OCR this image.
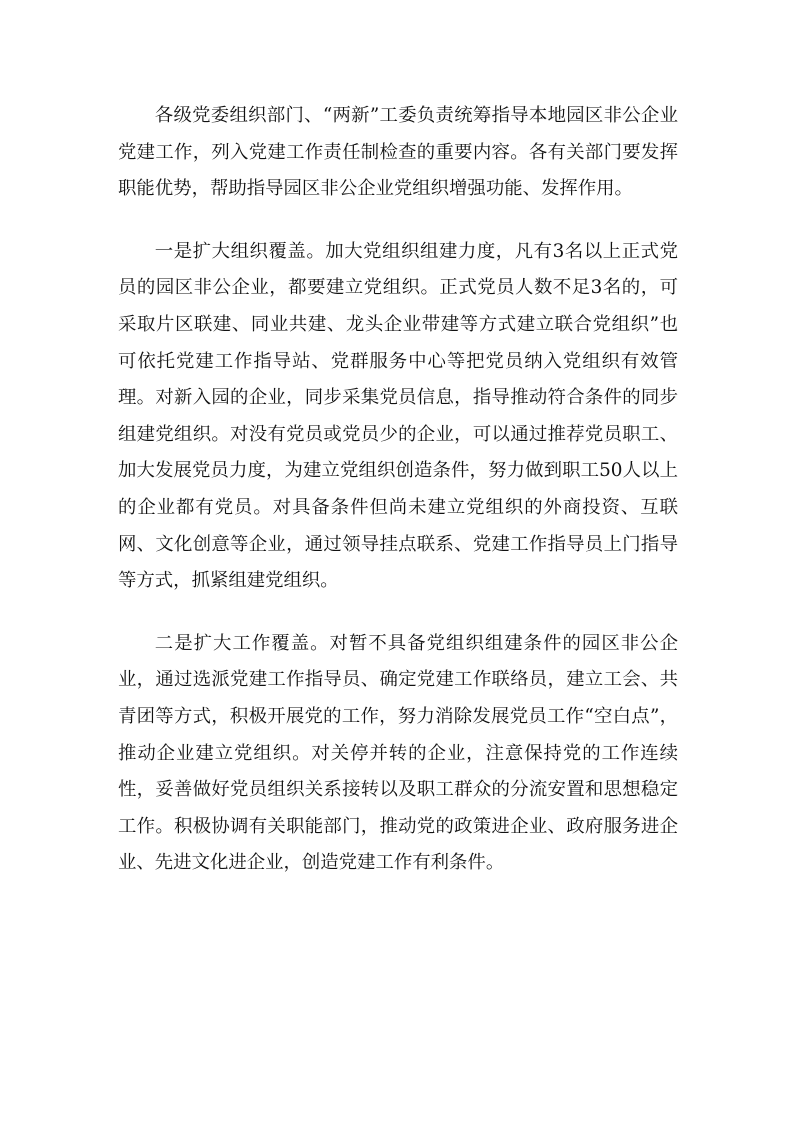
各级党委组织部门、“两新”工委负责统筹指导本地园区非公企业党建工作，列入党建工作责任制检查的重要内容。各有关部门要发挥职能优势，帮助指导园区非公企业党组织增强功能、发挥作用。

一是扩大组织覆盖。加大党组织组建力度，凡有3名以上正式党员的园区非公企业，都要建立党组织。正式党员人数不足3名的，可采取片区联建、同业共建、龙头企业带建等方式建立联合党组织”也可依托党建工作指导站、党群服务中心等把党员纳入党组织有效管理。对新入园的企业，同步采集党员信息，指导推动符合条件的同步组建党组织。对没有党员或党员少的企业，可以通过推荐党员职工、加大发展党员力度，为建立党组织创造条件，努力做到职工50人以上的企业都有党员。对具备条件但尚未建立党组织的外商投资、互联网、文化创意等企业，通过领导挂点联系、党建工作指导员上门指导等方式，抓紧组建党组织。

二是扩大工作覆盖。对暂不具备党组织组建条件的园区非公企业，通过选派党建工作指导员、确定党建工作联络员，建立工会、共青团等方式，积极开展党的工作，努力消除发展党员工作“空白点”，推动企业建立党组织。对关停并转的企业，注意保持党的工作连续性，妥善做好党员组织关系接转以及职工群众的分流安置和思想稳定工作。积极协调有关职能部门，推动党的政策进企业、政府服务进企业、先进文化进企业，创造党建工作有利条件。
